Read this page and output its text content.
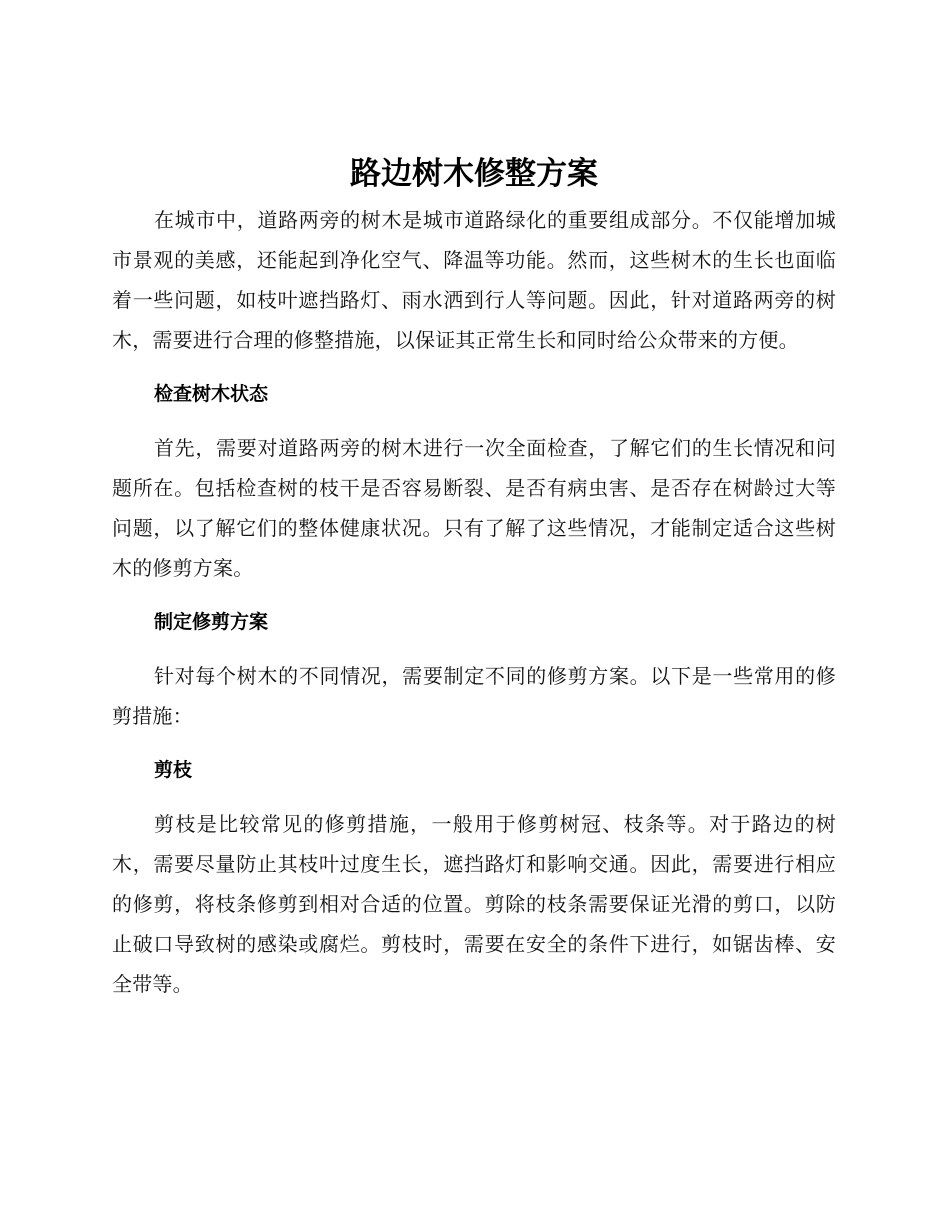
路边树木修整方案

在城市中，道路两旁的树木是城市道路绿化的重要组成部分。不仅能增加城市景观的美感，还能起到净化空气、降温等功能。然而，这些树木的生长也面临着一些问题，如枝叶遮挡路灯、雨水洒到行人等问题。因此，针对道路两旁的树木，需要进行合理的修整措施，以保证其正常生长和同时给公众带来的方便。

检查树木状态

首先，需要对道路两旁的树木进行一次全面检查，了解它们的生长情况和问题所在。包括检查树的枝干是否容易断裂、是否有病虫害、是否存在树龄过大等问题，以了解它们的整体健康状况。只有了解了这些情况，才能制定适合这些树木的修剪方案。

制定修剪方案

针对每个树木的不同情况，需要制定不同的修剪方案。以下是一些常用的修剪措施：

剪枝

剪枝是比较常见的修剪措施，一般用于修剪树冠、枝条等。对于路边的树木，需要尽量防止其枝叶过度生长，遮挡路灯和影响交通。因此，需要进行相应的修剪，将枝条修剪到相对合适的位置。剪除的枝条需要保证光滑的剪口，以防止破口导致树的感染或腐烂。剪枝时，需要在安全的条件下进行，如锯齿棒、安全带等。
